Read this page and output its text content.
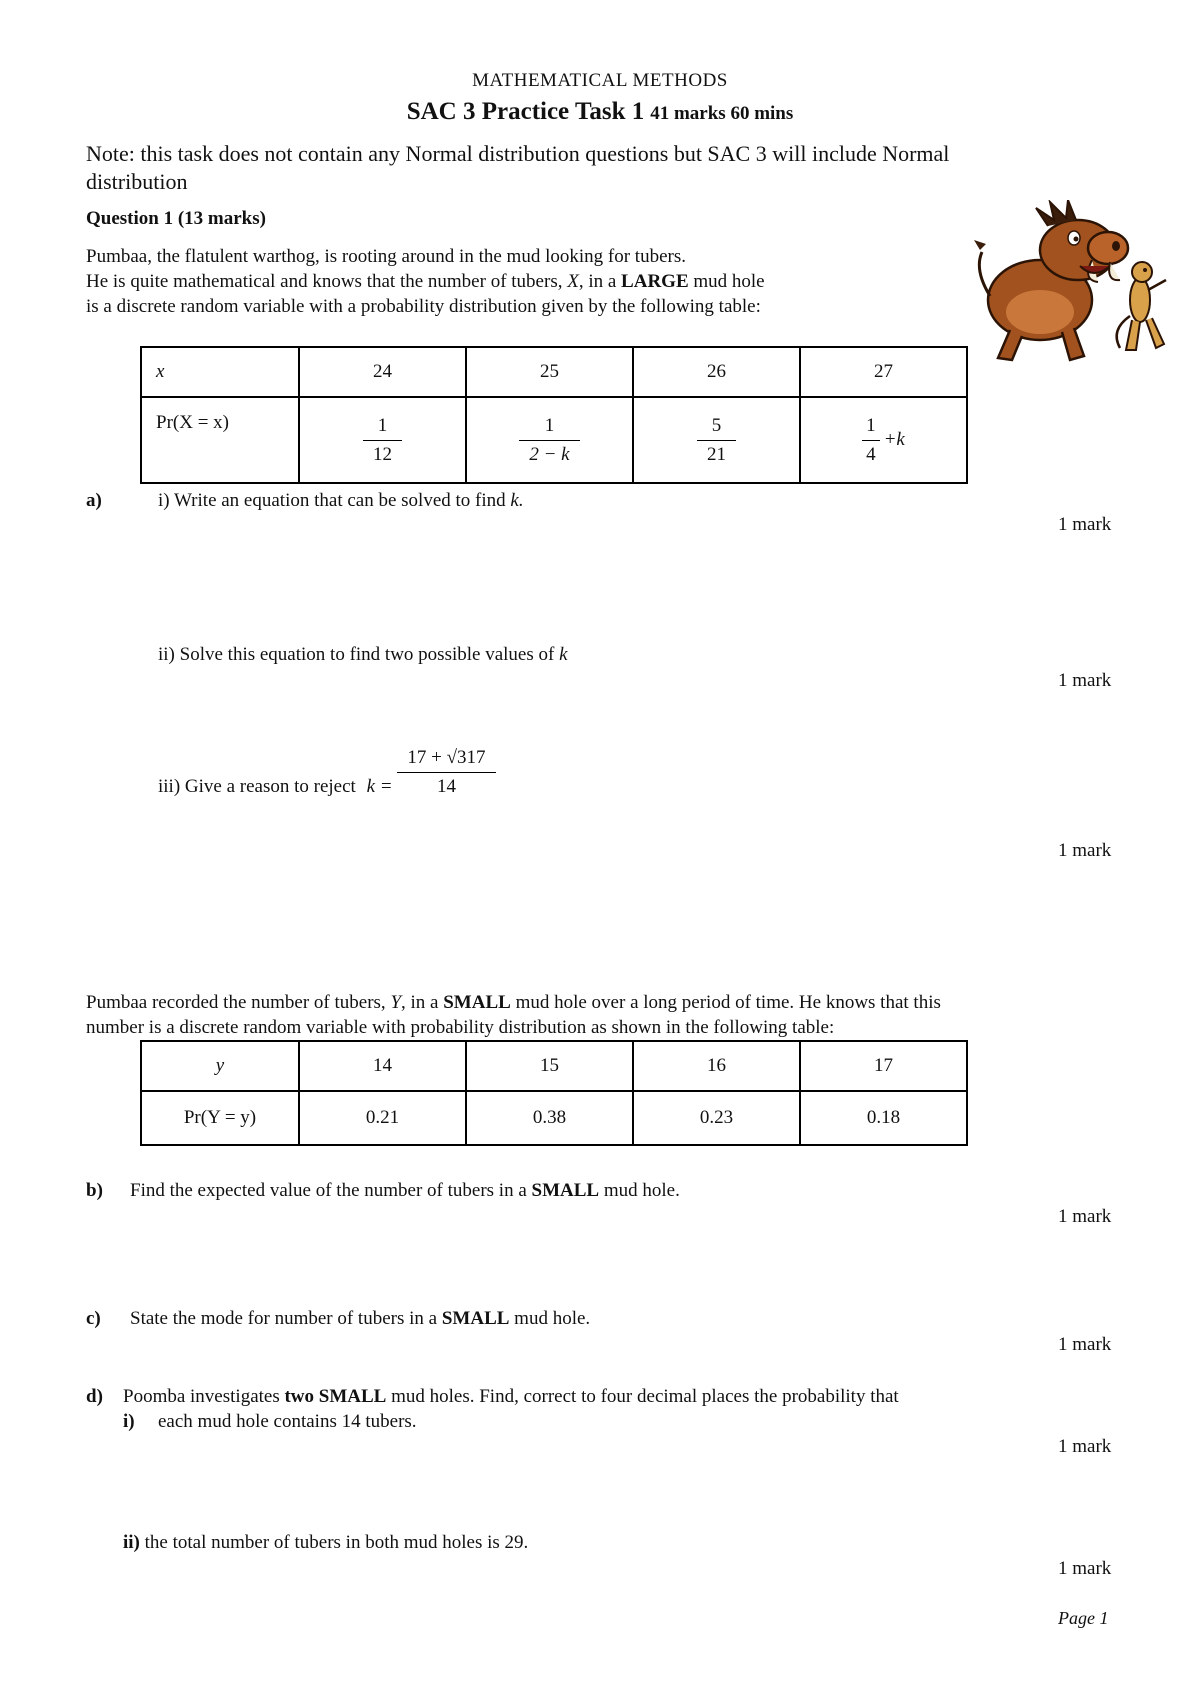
MATHEMATICAL METHODS
SAC 3 Practice Task 1 41 marks 60 mins
Note: this task does not contain any Normal distribution questions but SAC 3 will include Normal distribution
Question 1 (13 marks)
Pumbaa, the flatulent warthog, is rooting around in the mud looking for tubers.
He is quite mathematical and knows that the number of tubers, X, in a LARGE mud hole
is a discrete random variable with a probability distribution given by the following table:
x	24	25	26	27
Pr(X = x)	$\frac{1}{12}$	$\frac{1}{2 - k}$	$\frac{5}{21}$	$\frac{1}{4} +k$
a)	i) Write an equation that can be solved to find k.
1 mark
ii) Solve this equation to find two possible values of k
1 mark
iii) Give a reason to reject $k = \frac{17 + √317}{14}$
1 mark
Pumbaa recorded the number of tubers, Y, in a SMALL mud hole over a long period of time. He knows that this
number is a discrete random variable with probability distribution as shown in the following table:
y	14	15	16	17
Pr(Y = y)	0.21	0.38	0.23	0.18
b) Find the expected value of the number of tubers in a SMALL mud hole.
1 mark
c) State the mode for number of tubers in a SMALL mud hole.
1 mark
d) Poomba investigates two SMALL mud holes. Find, correct to four decimal places the probability that
i) each mud hole contains 14 tubers.
1 mark
ii) the total number of tubers in both mud holes is 29.
1 mark
Page 1
